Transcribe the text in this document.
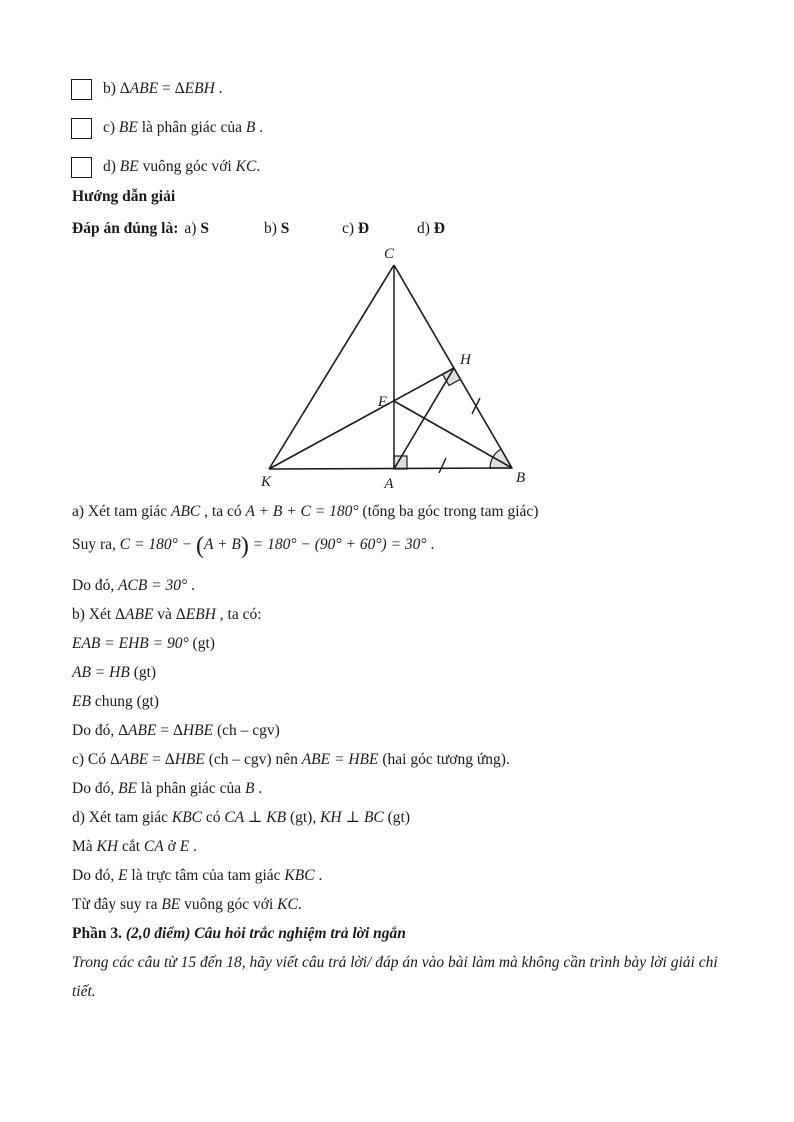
b) ΔABE = ΔEBH .
c) BE là phân giác của B .
d) BE vuông góc với KC.
Hướng dẫn giải
Đáp án đúng là: a) S	b) S	c) Đ	d) Đ
C
K	A	B
E
H
a) Xét tam giác ABC , ta có A + B + C = 180° (tổng ba góc trong tam giác)
Suy ra, C = 180° − (A + B) = 180° − (90° + 60°) = 30° .
Do đó, ACB = 30° .
b) Xét ΔABE và ΔEBH , ta có:
EAB = EHB = 90° (gt)
AB = HB (gt)
EB chung (gt)
Do đó, ΔABE = ΔHBE (ch – cgv)
c) Có ΔABE = ΔHBE (ch – cgv) nên ABE = HBE (hai góc tương ứng).
Do đó, BE là phân giác của B .
d) Xét tam giác KBC có CA ⊥ KB (gt), KH ⊥ BC (gt)
Mà KH cắt CA ở E .
Do đó, E là trực tâm của tam giác KBC .
Từ đây suy ra BE vuông góc với KC.
Phần 3. (2,0 điểm) Câu hỏi trắc nghiệm trả lời ngắn
Trong các câu từ 15 đến 18, hãy viết câu trả lời/ đáp án vào bài làm mà không cần trình bày lời giải chi
tiết.
